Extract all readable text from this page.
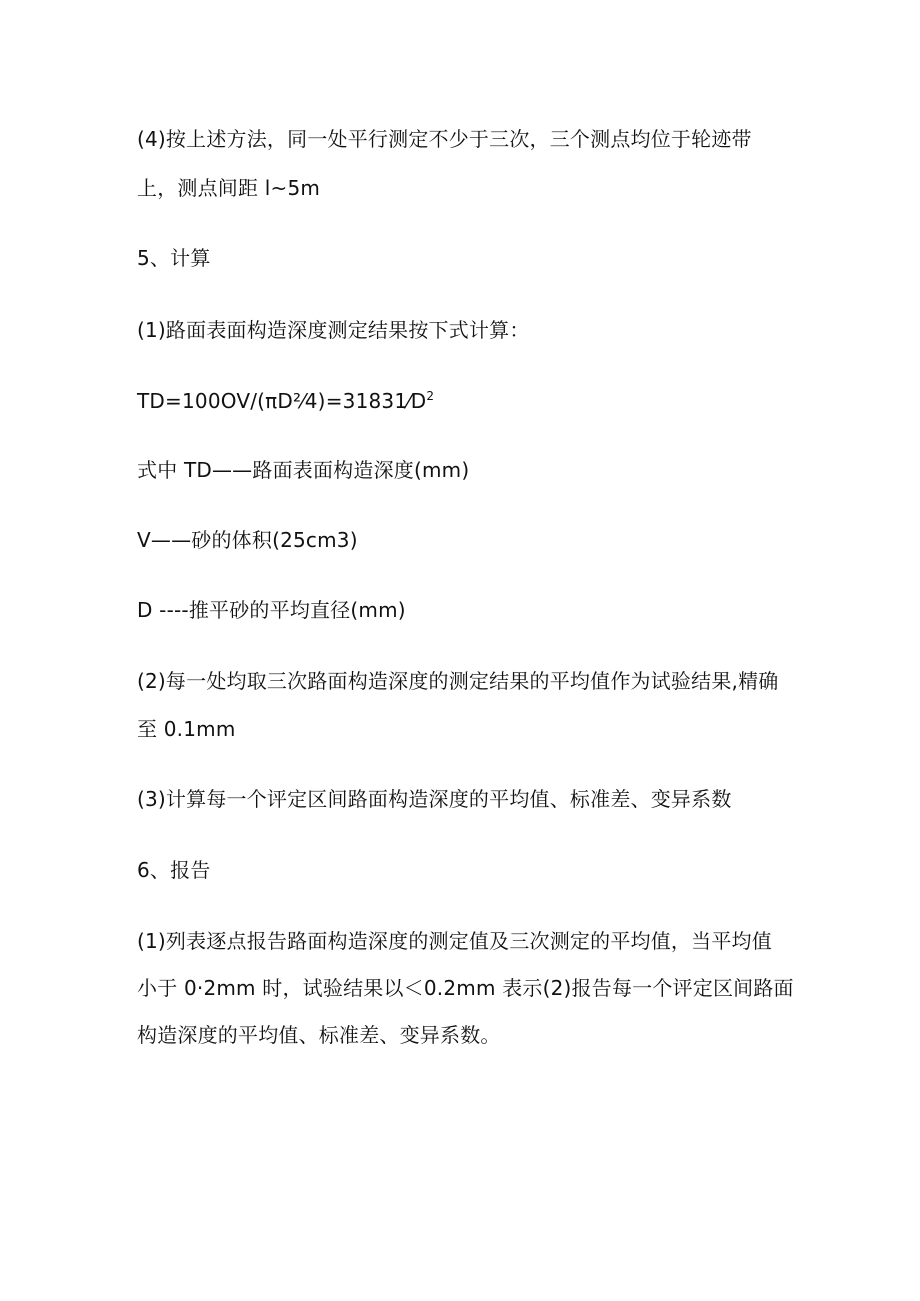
(4)按上述方法，同一处平行测定不少于三次，三个测点均位于轮迹带
上，测点间距 l~5m
5、计算
(1)路面表面构造深度测定结果按下式计算：
$TD=100OV/(\pi D^2⁄4)=31831⁄D^2$
式中 TD——路面表面构造深度(mm)
V——砂的体积(25cm3)
D ----推平砂的平均直径(mm)
(2)每一处均取三次路面构造深度的测定结果的平均值作为试验结果,精确
至 0.1mm
(3)计算每一个评定区间路面构造深度的平均值、标准差、变异系数
6、报告
(1)列表逐点报告路面构造深度的测定值及三次测定的平均值，当平均值
小于 0·2mm 时，试验结果以＜0.2mm 表示(2)报告每一个评定区间路面
构造深度的平均值、标准差、变异系数。
